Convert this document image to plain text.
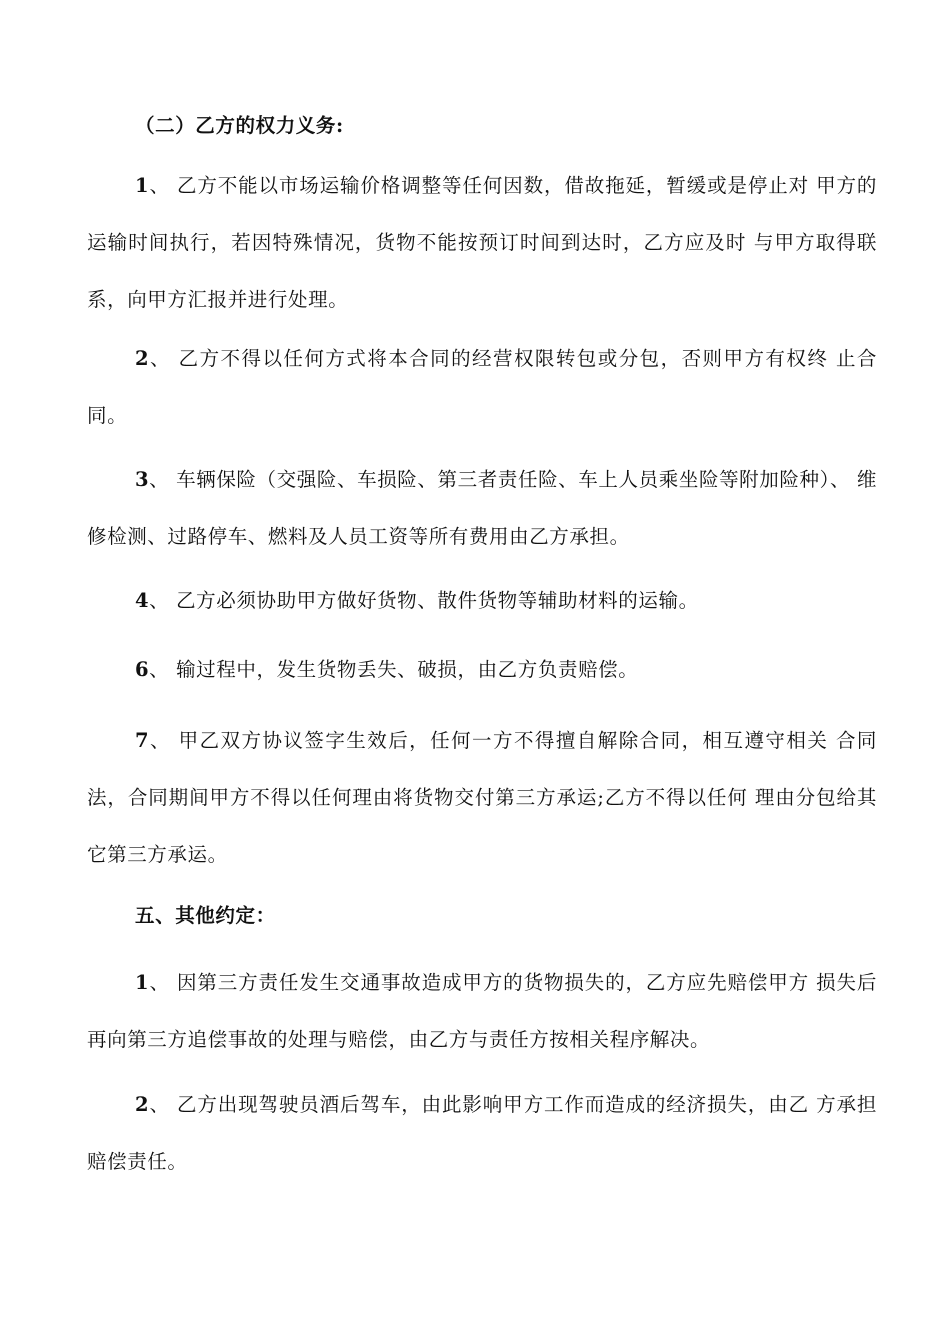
（二）乙方的权力义务:
1、 乙方不能以市场运输价格调整等任何因数，借故拖延，暂缓或是停止对 甲方的运输时间执行，若因特殊情况，货物不能按预订时间到达时，乙方应及时 与甲方取得联系，向甲方汇报并进行处理。
2、 乙方不得以任何方式将本合同的经营权限转包或分包，否则甲方有权终 止合同。
3、 车辆保险（交强险、车损险、第三者责任险、车上人员乘坐险等附加险种）、 维修检测、过路停车、燃料及人员工资等所有费用由乙方承担。
4、 乙方必须协助甲方做好货物、散件货物等辅助材料的运输。
6、 输过程中，发生货物丢失、破损，由乙方负责赔偿。
7、 甲乙双方协议签字生效后，任何一方不得擅自解除合同，相互遵守相关 合同法，合同期间甲方不得以任何理由将货物交付第三方承运;乙方不得以任何 理由分包给其它第三方承运。
五、其他约定：
1、 因第三方责任发生交通事故造成甲方的货物损失的，乙方应先赔偿甲方 损失后再向第三方追偿事故的处理与赔偿，由乙方与责任方按相关程序解决。
2、 乙方出现驾驶员酒后驾车，由此影响甲方工作而造成的经济损失，由乙 方承担赔偿责任。
